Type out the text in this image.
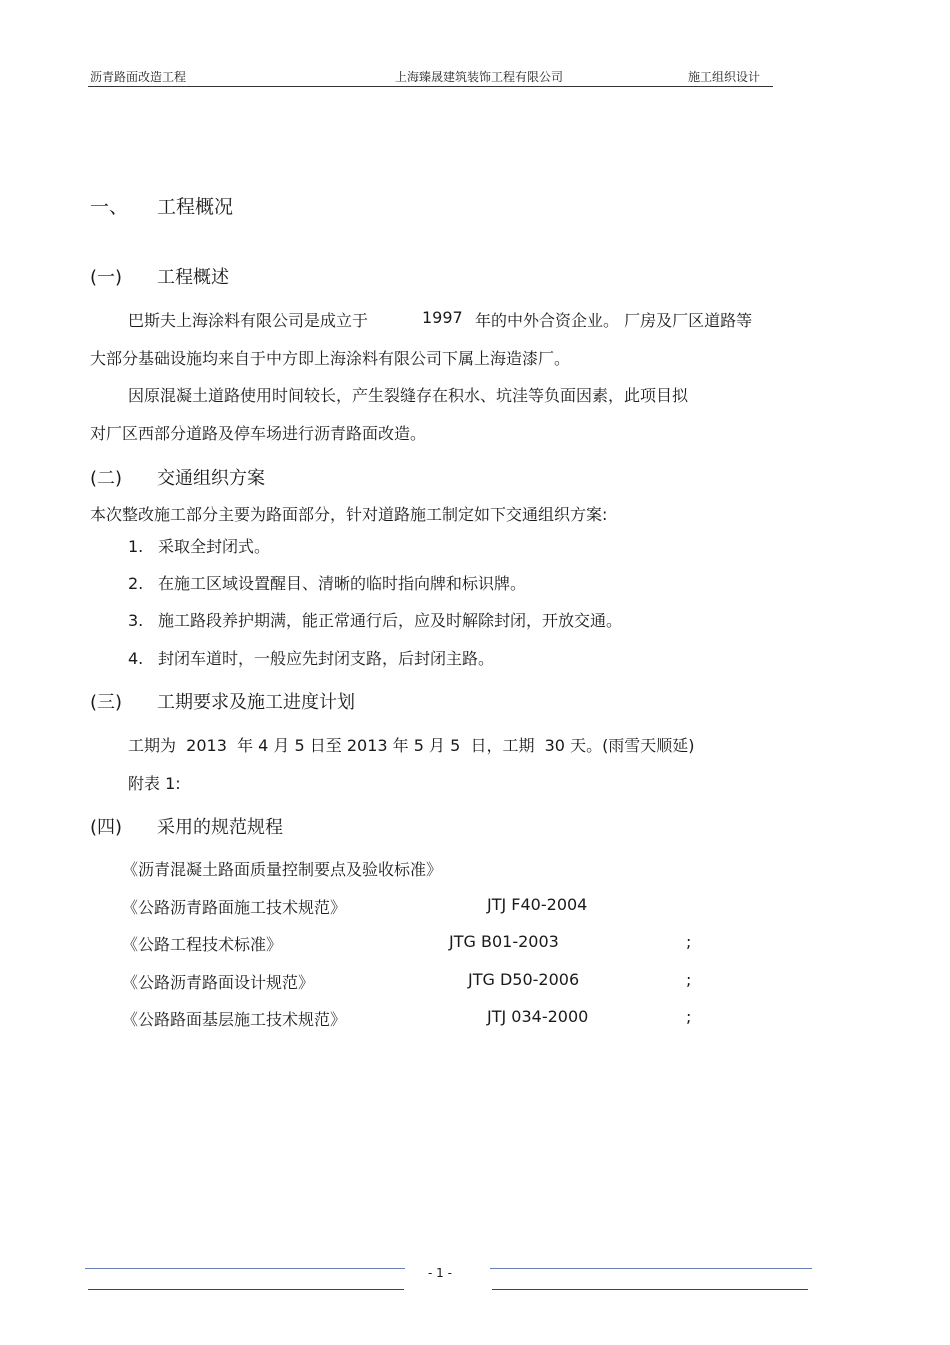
沥青路面改造工程	上海臻晟建筑装饰工程有限公司	施工组织设计
一、 工程概况
(一) 工程概述
巴斯夫上海涂料有限公司是成立于	1997 年的中外合资企业。 厂房及厂区道路等
大部分基础设施均来自于中方即上海涂料有限公司下属上海造漆厂。
因原混凝土道路使用时间较长，产生裂缝存在积水、坑洼等负面因素，此项目拟
对厂区西部分道路及停车场进行沥青路面改造。
(二) 交通组织方案
本次整改施工部分主要为路面部分，针对道路施工制定如下交通组织方案:
1. 采取全封闭式。
2. 在施工区域设置醒目、清晰的临时指向牌和标识牌。
3. 施工路段养护期满，能正常通行后，应及时解除封闭，开放交通。
4. 封闭车道时，一般应先封闭支路，后封闭主路。
(三) 工期要求及施工进度计划
工期为  2013  年 4 月 5 日至 2013 年 5 月 5  日，工期  30 天。(雨雪天顺延)
附表 1:
(四) 采用的规范规程
《沥青混凝土路面质量控制要点及验收标准》
《公路沥青路面施工技术规范》	JTJ F40-2004
《公路工程技术标准》	JTG B01-2003	;
《公路沥青路面设计规范》	JTG D50-2006	;
《公路路面基层施工技术规范》	JTJ 034-2000	;
- 1 -
